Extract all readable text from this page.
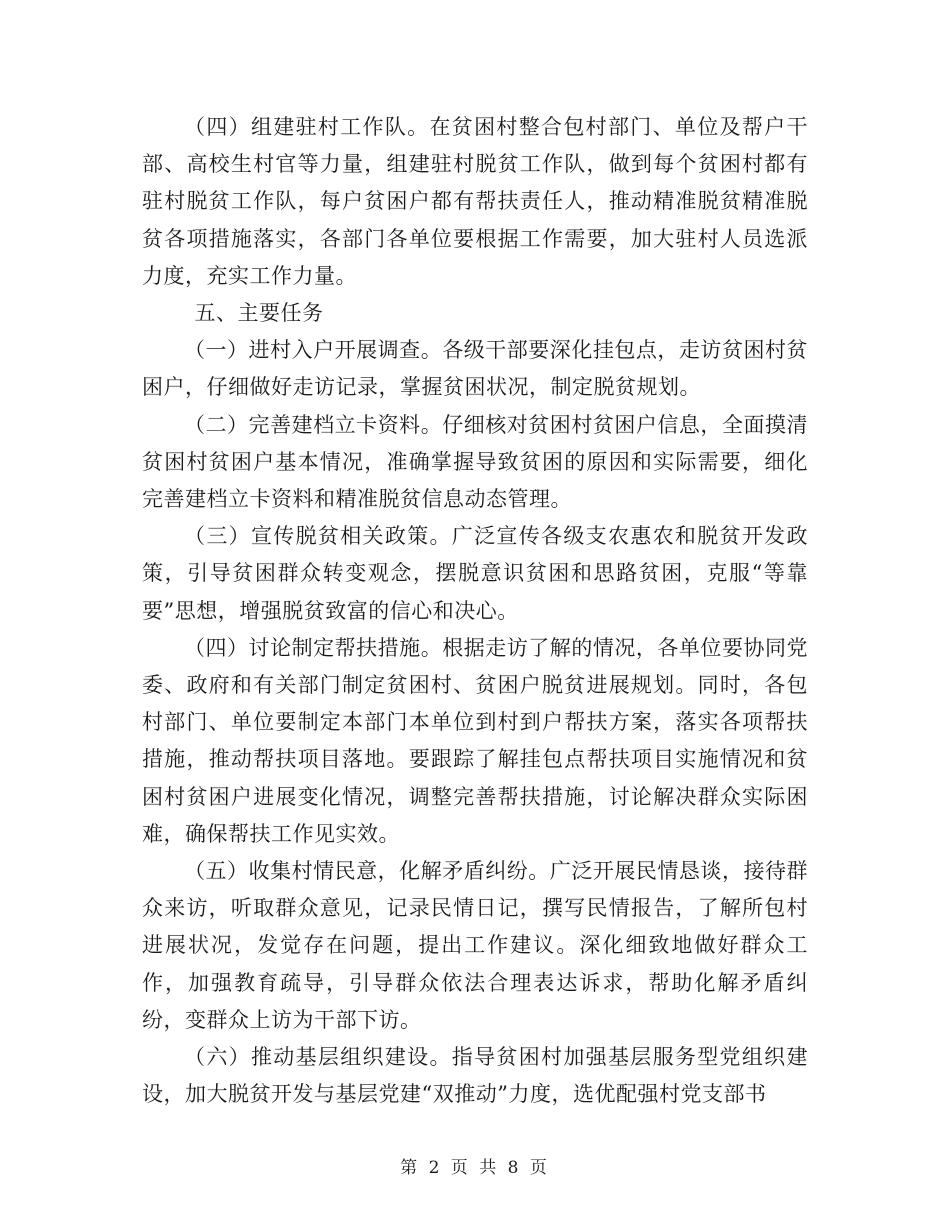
（四）组建驻村工作队。在贫困村整合包村部门、单位及帮户干部、高校生村官等力量，组建驻村脱贫工作队，做到每个贫困村都有驻村脱贫工作队，每户贫困户都有帮扶责任人，推动精准脱贫精准脱贫各项措施落实，各部门各单位要根据工作需要，加大驻村人员选派力度，充实工作力量。

五、主要任务

（一）进村入户开展调查。各级干部要深化挂包点，走访贫困村贫困户，仔细做好走访记录，掌握贫困状况，制定脱贫规划。

（二）完善建档立卡资料。仔细核对贫困村贫困户信息，全面摸清贫困村贫困户基本情况，准确掌握导致贫困的原因和实际需要，细化完善建档立卡资料和精准脱贫信息动态管理。

（三）宣传脱贫相关政策。广泛宣传各级支农惠农和脱贫开发政策，引导贫困群众转变观念，摆脱意识贫困和思路贫困，克服“等靠要”思想，增强脱贫致富的信心和决心。

（四）讨论制定帮扶措施。根据走访了解的情况，各单位要协同党委、政府和有关部门制定贫困村、贫困户脱贫进展规划。同时，各包村部门、单位要制定本部门本单位到村到户帮扶方案，落实各项帮扶措施，推动帮扶项目落地。要跟踪了解挂包点帮扶项目实施情况和贫困村贫困户进展变化情况，调整完善帮扶措施，讨论解决群众实际困难，确保帮扶工作见实效。

（五）收集村情民意，化解矛盾纠纷。广泛开展民情恳谈，接待群众来访，听取群众意见，记录民情日记，撰写民情报告，了解所包村进展状况，发觉存在问题，提出工作建议。深化细致地做好群众工作，加强教育疏导，引导群众依法合理表达诉求，帮助化解矛盾纠纷，变群众上访为干部下访。

（六）推动基层组织建设。指导贫困村加强基层服务型党组织建设，加大脱贫开发与基层党建“双推动”力度，选优配强村党支部书

第 2 页 共 8 页
